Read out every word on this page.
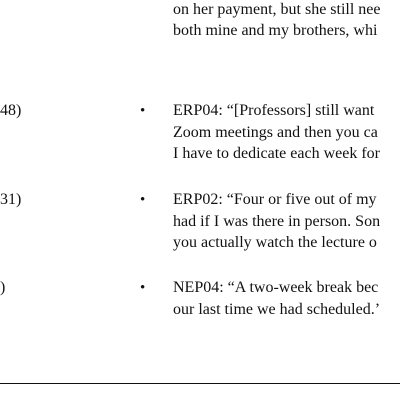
on her payment, but she still nee
both mine and my brothers, whi
48)	• ERP04: “[Professors] still want
Zoom meetings and then you ca
I have to dedicate each week for
31)	• ERP02: “Four or five out of my
had if I was there in person. Son
you actually watch the lecture o
)	• NEP04: “A two-week break bec
our last time we had scheduled.’
